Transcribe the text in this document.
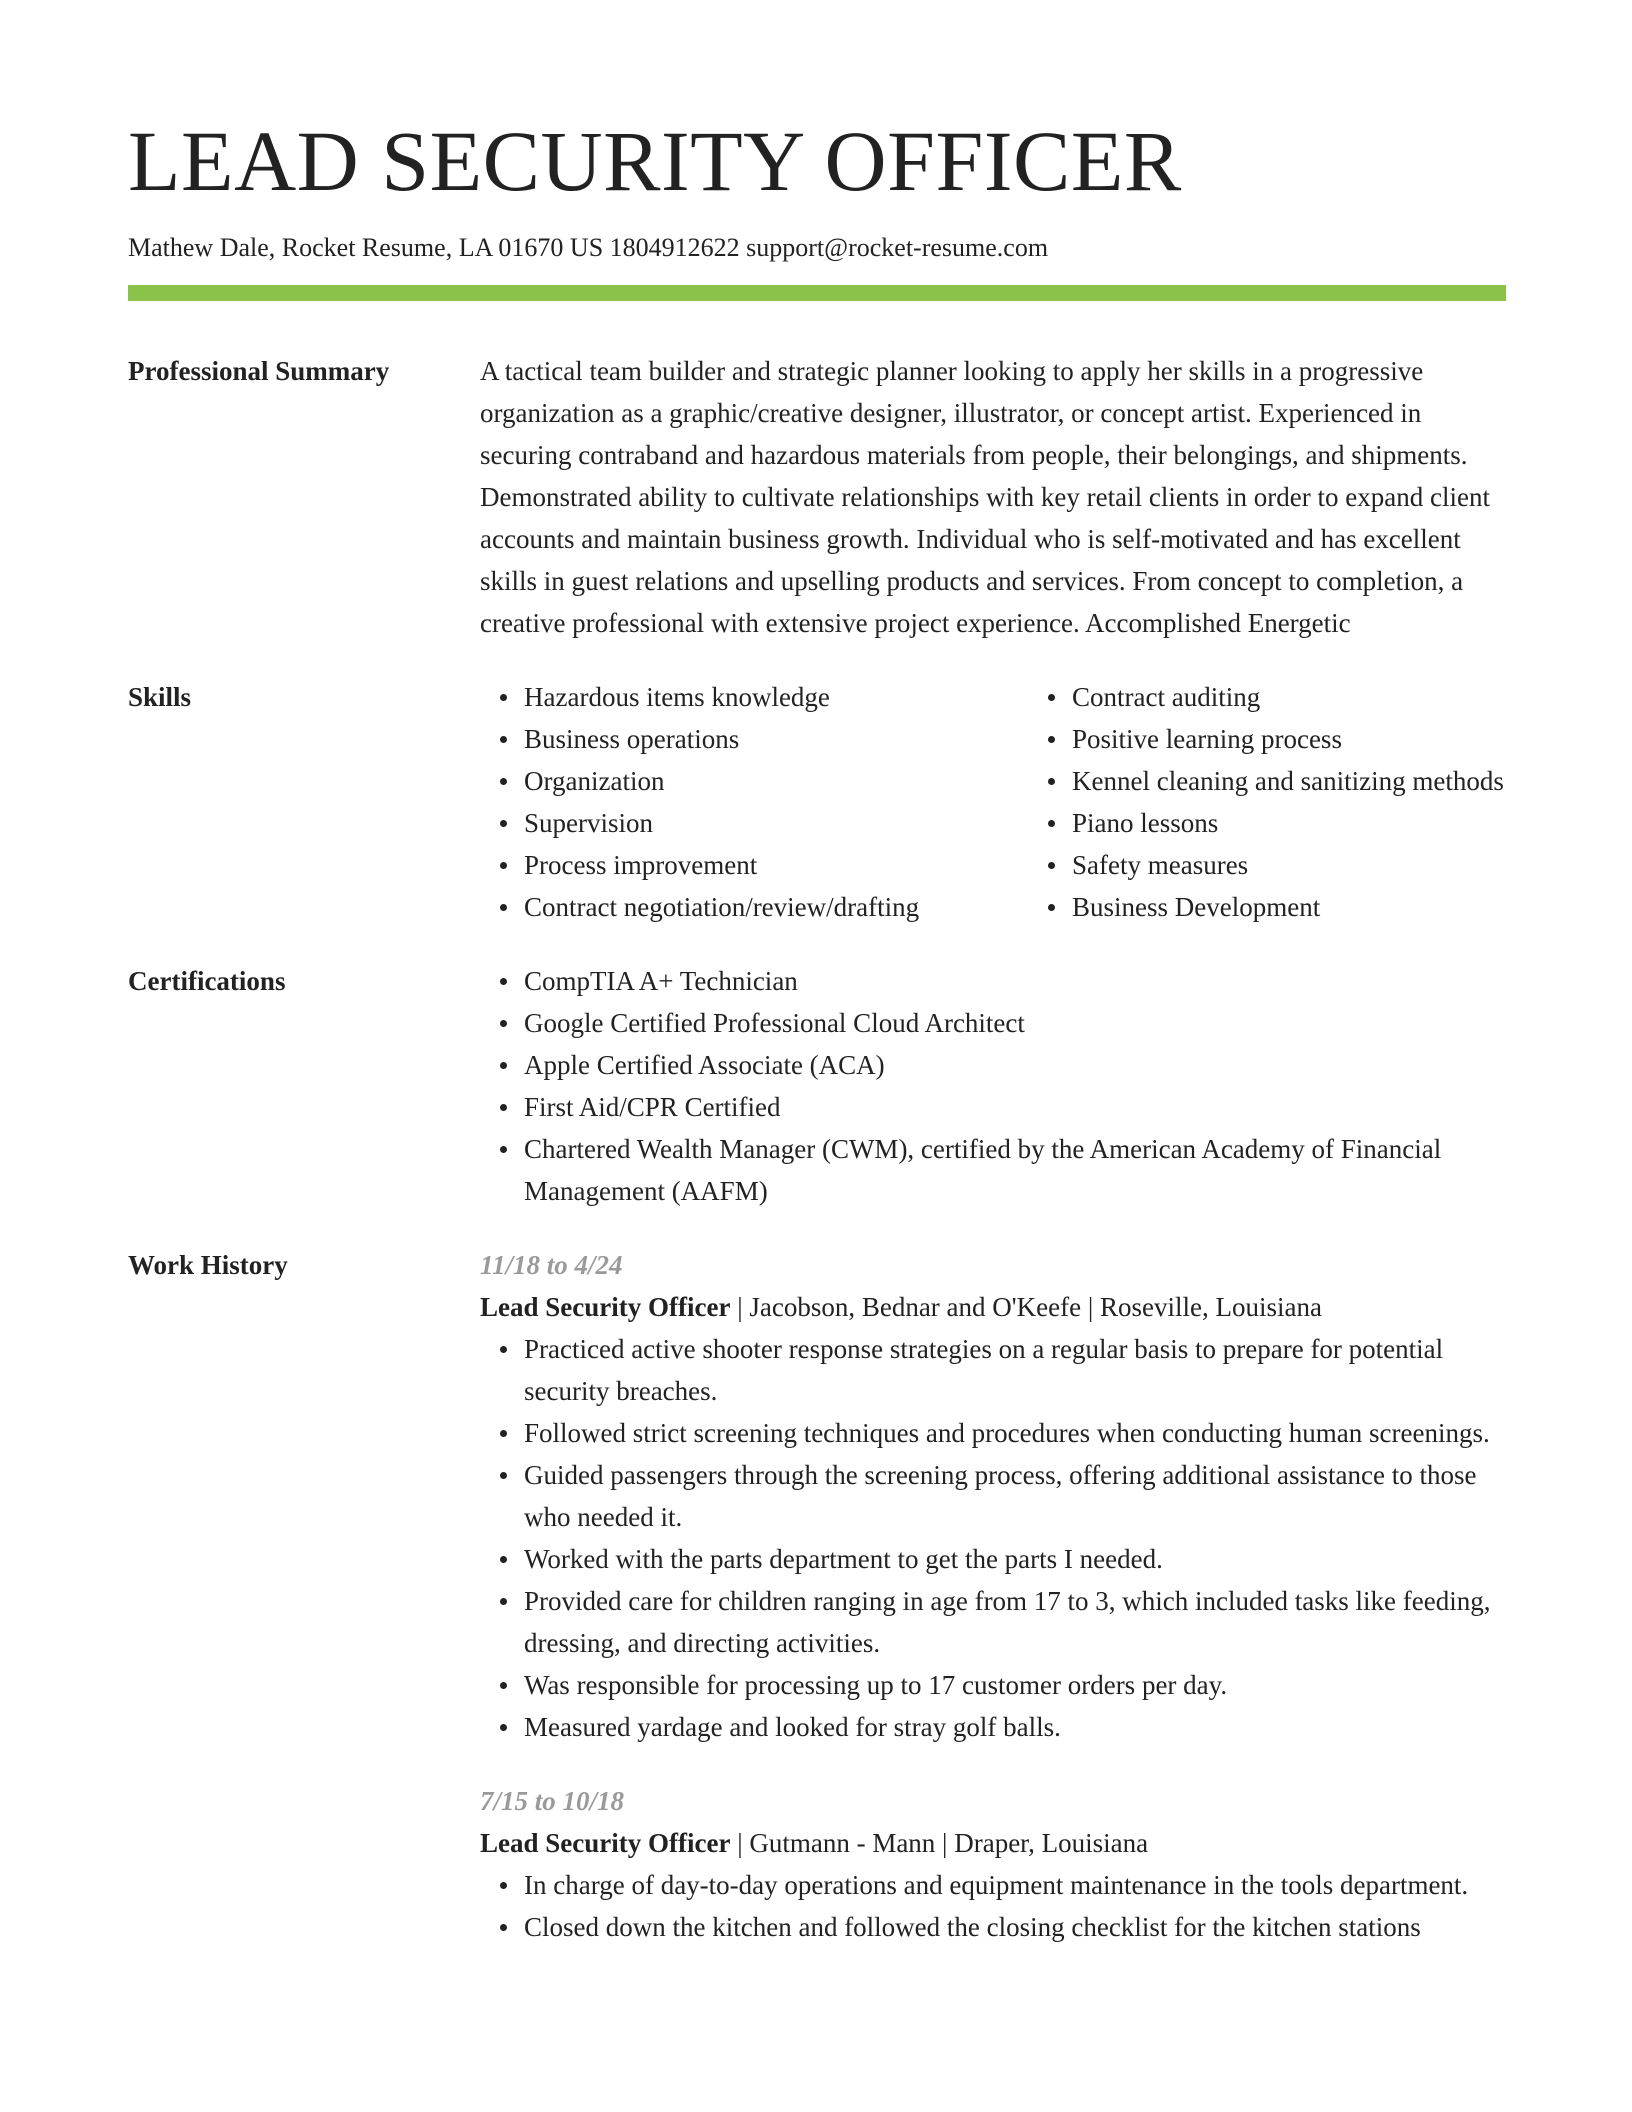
LEAD SECURITY OFFICER
Mathew Dale, Rocket Resume, LA 01670 US 1804912622 support@rocket-resume.com
Professional Summary	A tactical team builder and strategic planner looking to apply her skills in a progressive organization as a graphic/creative designer, illustrator, or concept artist. Experienced in securing contraband and hazardous materials from people, their belongings, and shipments. Demonstrated ability to cultivate relationships with key retail clients in order to expand client accounts and maintain business growth. Individual who is self-motivated and has excellent skills in guest relations and upselling products and services. From concept to completion, a creative professional with extensive project experience. Accomplished Energetic
Skills	Hazardous items knowledge
Business operations
Organization
Supervision
Process improvement
Contract negotiation/review/drafting
Contract auditing
Positive learning process
Kennel cleaning and sanitizing methods
Piano lessons
Safety measures
Business Development
Certifications	CompTIA A+ Technician
Google Certified Professional Cloud Architect
Apple Certified Associate (ACA)
First Aid/CPR Certified
Chartered Wealth Manager (CWM), certified by the American Academy of Financial Management (AAFM)
Work History	11/18 to 4/24
Lead Security Officer | Jacobson, Bednar and O'Keefe | Roseville, Louisiana
Practiced active shooter response strategies on a regular basis to prepare for potential security breaches.
Followed strict screening techniques and procedures when conducting human screenings.
Guided passengers through the screening process, offering additional assistance to those who needed it.
Worked with the parts department to get the parts I needed.
Provided care for children ranging in age from 17 to 3, which included tasks like feeding, dressing, and directing activities.
Was responsible for processing up to 17 customer orders per day.
Measured yardage and looked for stray golf balls.
7/15 to 10/18
Lead Security Officer | Gutmann - Mann | Draper, Louisiana
In charge of day-to-day operations and equipment maintenance in the tools department.
Closed down the kitchen and followed the closing checklist for the kitchen stations
